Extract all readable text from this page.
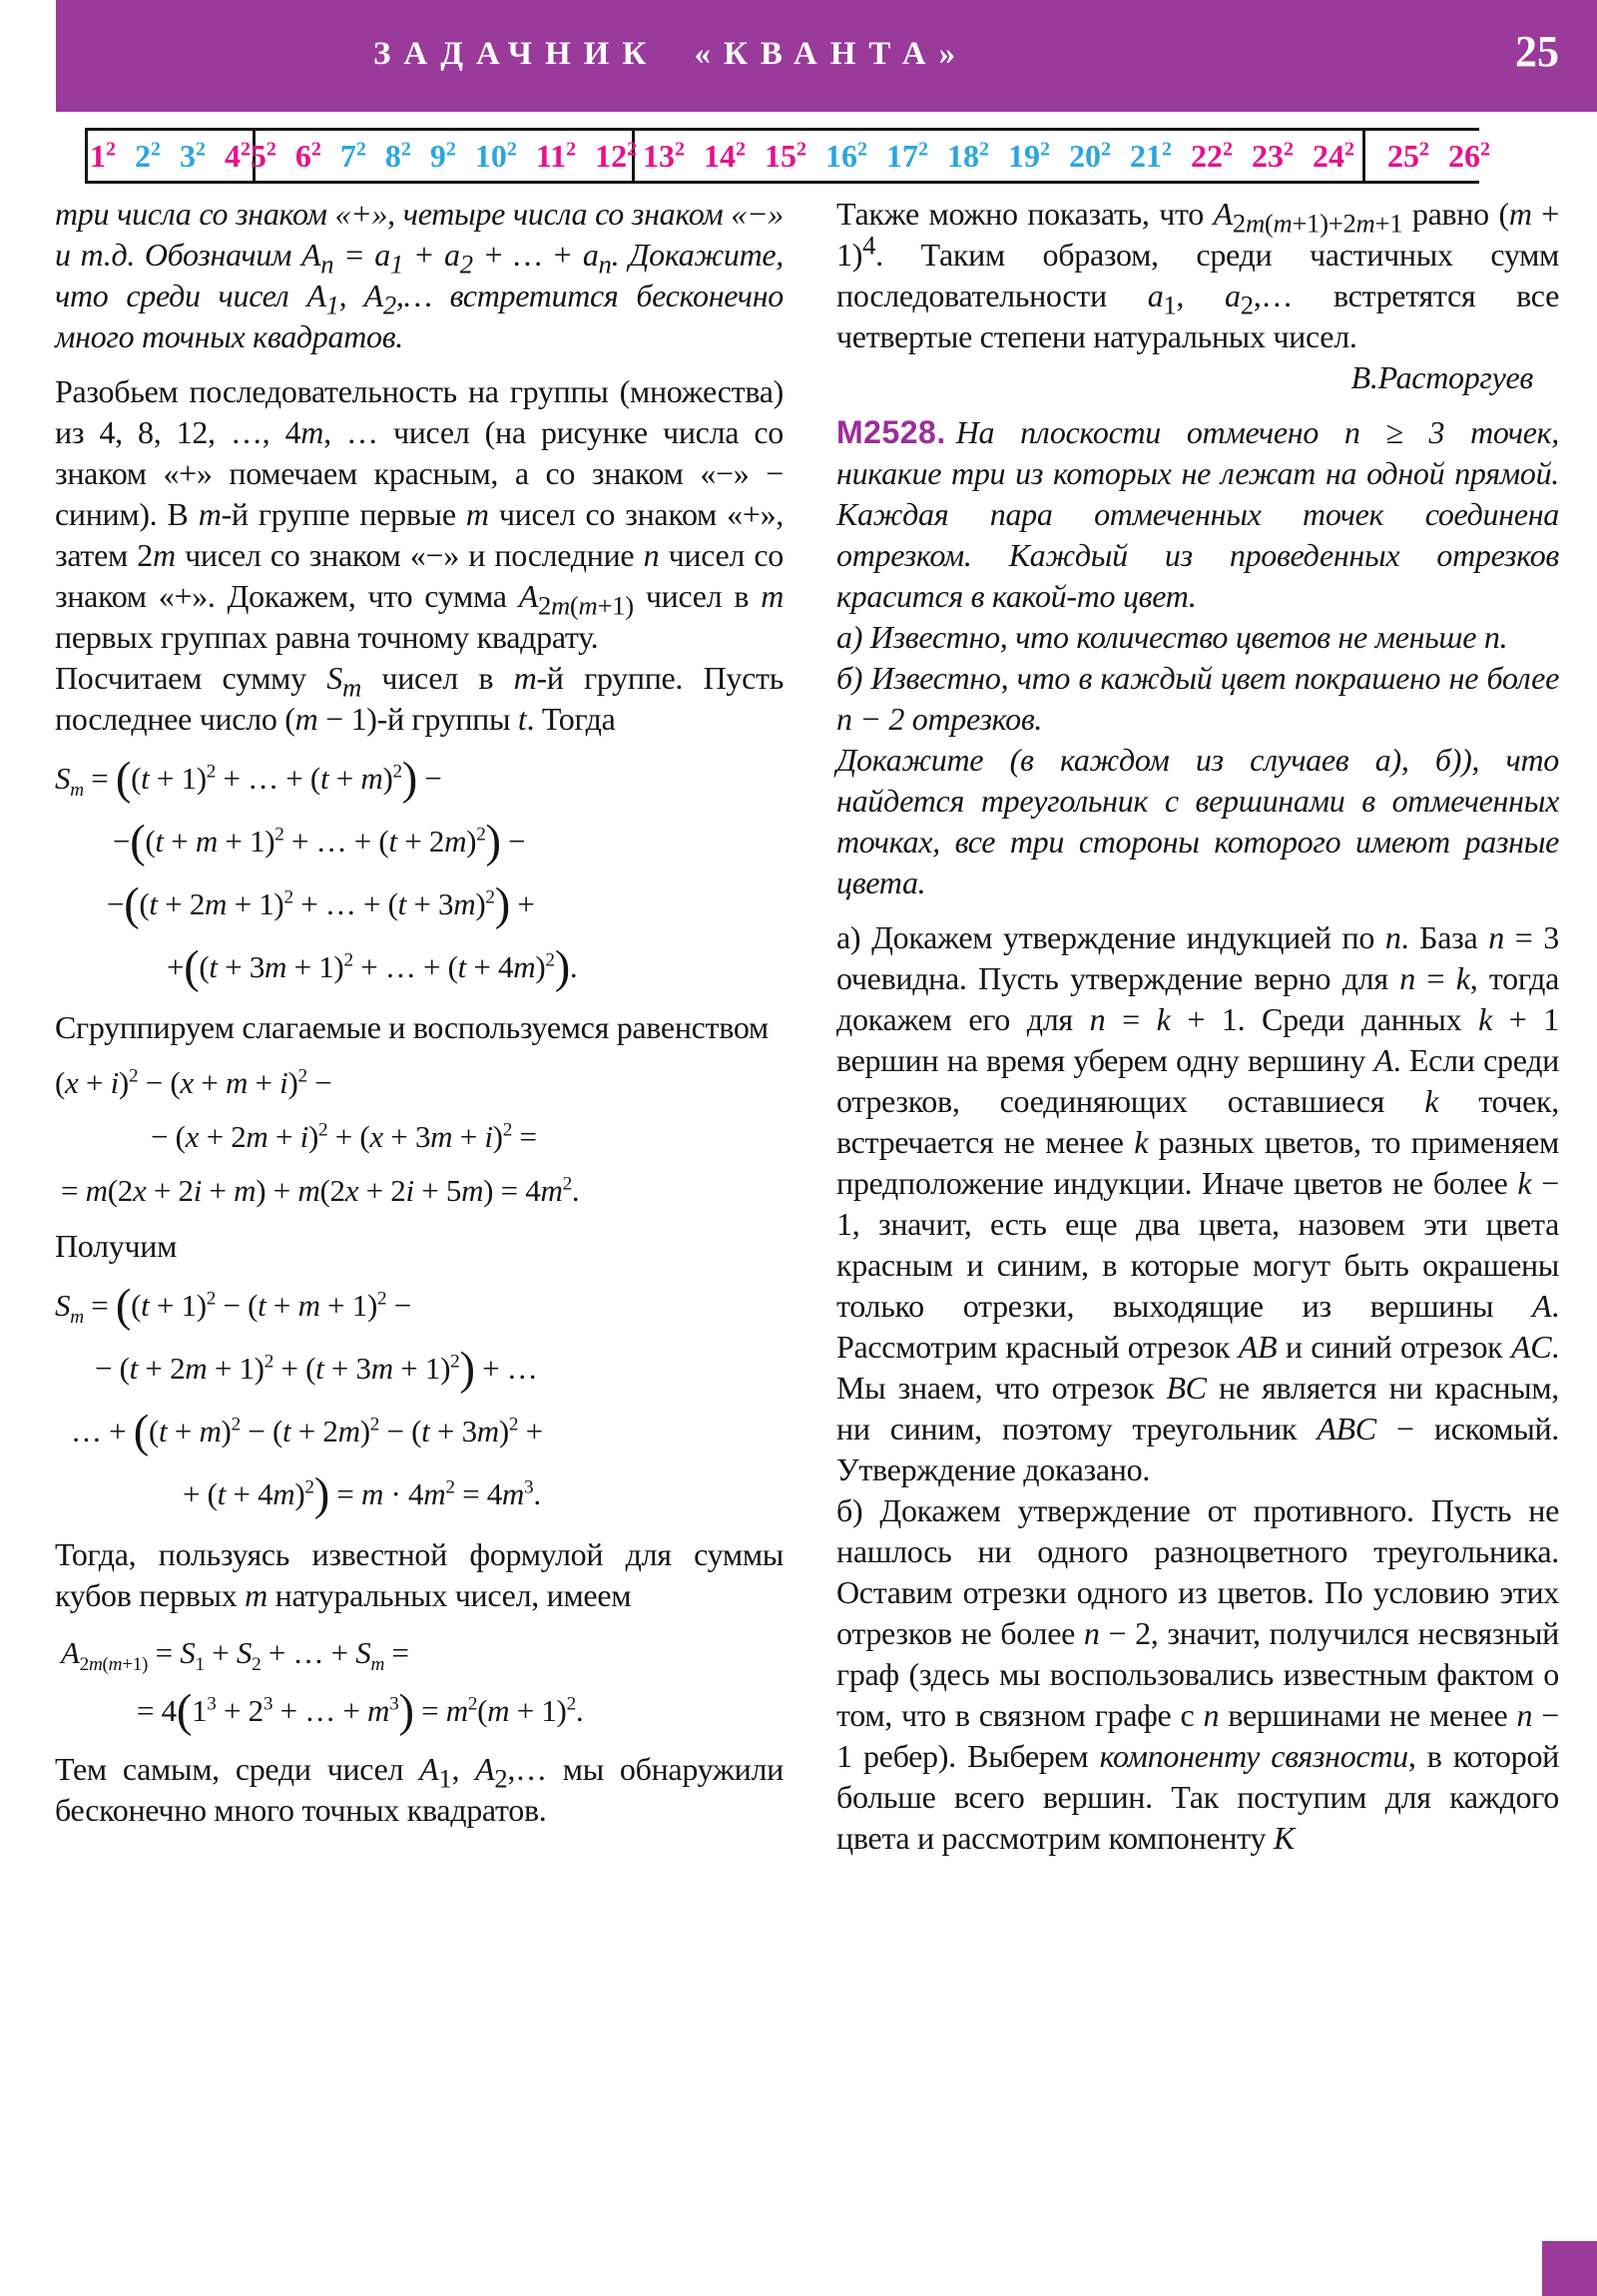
ЗАДАЧНИК «КВАНТА»	25
$1^2$ $2^2$ $3^2$ $4^2$ $5^2$ $6^2$ $7^2$ $8^2$ $9^2$ $10^2$ $11^2$ $12^2$ $13^2$ $14^2$ $15^2$ $16^2$ $17^2$ $18^2$ $19^2$ $20^2$ $21^2$ $22^2$ $23^2$ $24^2$ $25^2$ $26^2$

три числа со знаком «+», четыре числа со знаком «−» и т.д. Обозначим $A_n = a_1 + a_2$ + … + $a_n$. Докажите, что среди чисел $A_1$, $A_2,\dots$ встретится бесконечно много точных квадратов.

Разобьем последовательность на группы (множества) из 4, 8, 12, …, 4m, … чисел (на рисунке числа со знаком «+» помечаем красным, а со знаком «−» − синим). В m-й группе первые m чисел со знаком «+», затем 2m чисел со знаком «−» и последние n чисел со знаком «+». Докажем, что сумма $A_{2m(m+1)}$ чисел в m первых группах равна точному квадрату.

Посчитаем сумму $S_m$ чисел в m-й группе. Пусть последнее число (m − 1)-й группы t. Тогда

$S_m = ((t + 1)^2$ + … + $(t + m)^2$) −
$-((t + m + 1)^2$ + … + $(t + 2m)^2$) −
$-((t + 2m + 1)^2$ + … + $(t + 3m)^2$) +
$+((t + 3m + 1)^2$ + … + $(t + 4m)^2$).

Сгруппируем слагаемые и воспользуемся равенством

$(x + i)^2 - (x + m + i)^2$ −
− $(x + 2m + i)^2 + (x + 3m + i)^2$ =
= $m(2x + 2i + m) + m(2x + 2i + 5m) = 4m^2$.

Получим

$S_m = ((t + 1)^2 - (t + m + 1)^2$ −
− $(t + 2m + 1)^2 + (t + 3m + 1)^2$) + …
… + ($(t + m)^2 - (t + 2m)^2 - (t + 3m)^2$ +
+ $(t + 4m)^2) = m \cdot 4m^2 = 4m^3$.

Тогда, пользуясь известной формулой для суммы кубов первых m натуральных чисел, имеем

$A_{2m(m+1)} = S_1 + S_2$ + … + $S_m$ =
= $4(1^3 + 2^3$ + … + $m^3) = m^2(m + 1)^2$.

Тем самым, среди чисел $A_1$, $A_2,\dots$ мы обнаружили бесконечно много точных квадратов.

Также можно показать, что $A_{2m(m+1)+2m+1}$ равно $(m + 1)^4$. Таким образом, среди частичных сумм последовательности $a_1$, $a_2,\dots$ встретятся все четвертые степени натуральных чисел.

В.Расторгуев

М2528. На плоскости отмечено n ≥ 3 точек, никакие три из которых не лежат на одной прямой. Каждая пара отмеченных точек соединена отрезком. Каждый из проведенных отрезков красится в какой-то цвет.

а) Известно, что количество цветов не меньше n.

б) Известно, что в каждый цвет покрашено не более n − 2 отрезков.

Докажите (в каждом из случаев а), б)), что найдется треугольник с вершинами в отмеченных точках, все три стороны которого имеют разные цвета.

а) Докажем утверждение индукцией по n. База n = 3 очевидна. Пусть утверждение верно для n = k, тогда докажем его для n = k + 1. Среди данных k + 1 вершин на время уберем одну вершину A. Если среди отрезков, соединяющих оставшиеся k точек, встречается не менее k разных цветов, то применяем предположение индукции. Иначе цветов не более k − 1, значит, есть еще два цвета, назовем эти цвета красным и синим, в которые могут быть окрашены только отрезки, выходящие из вершины A. Рассмотрим красный отрезок AB и синий отрезок AC. Мы знаем, что отрезок BC не является ни красным, ни синим, поэтому треугольник ABC − искомый. Утверждение доказано.

б) Докажем утверждение от противного. Пусть не нашлось ни одного разноцветного треугольника. Оставим отрезки одного из цветов. По условию этих отрезков не более n − 2, значит, получился несвязный граф (здесь мы воспользовались известным фактом о том, что в связном графе с n вершинами не менее n − 1 ребер). Выберем компоненту связности, в которой больше всего вершин. Так поступим для каждого цвета и рассмотрим компоненту K
